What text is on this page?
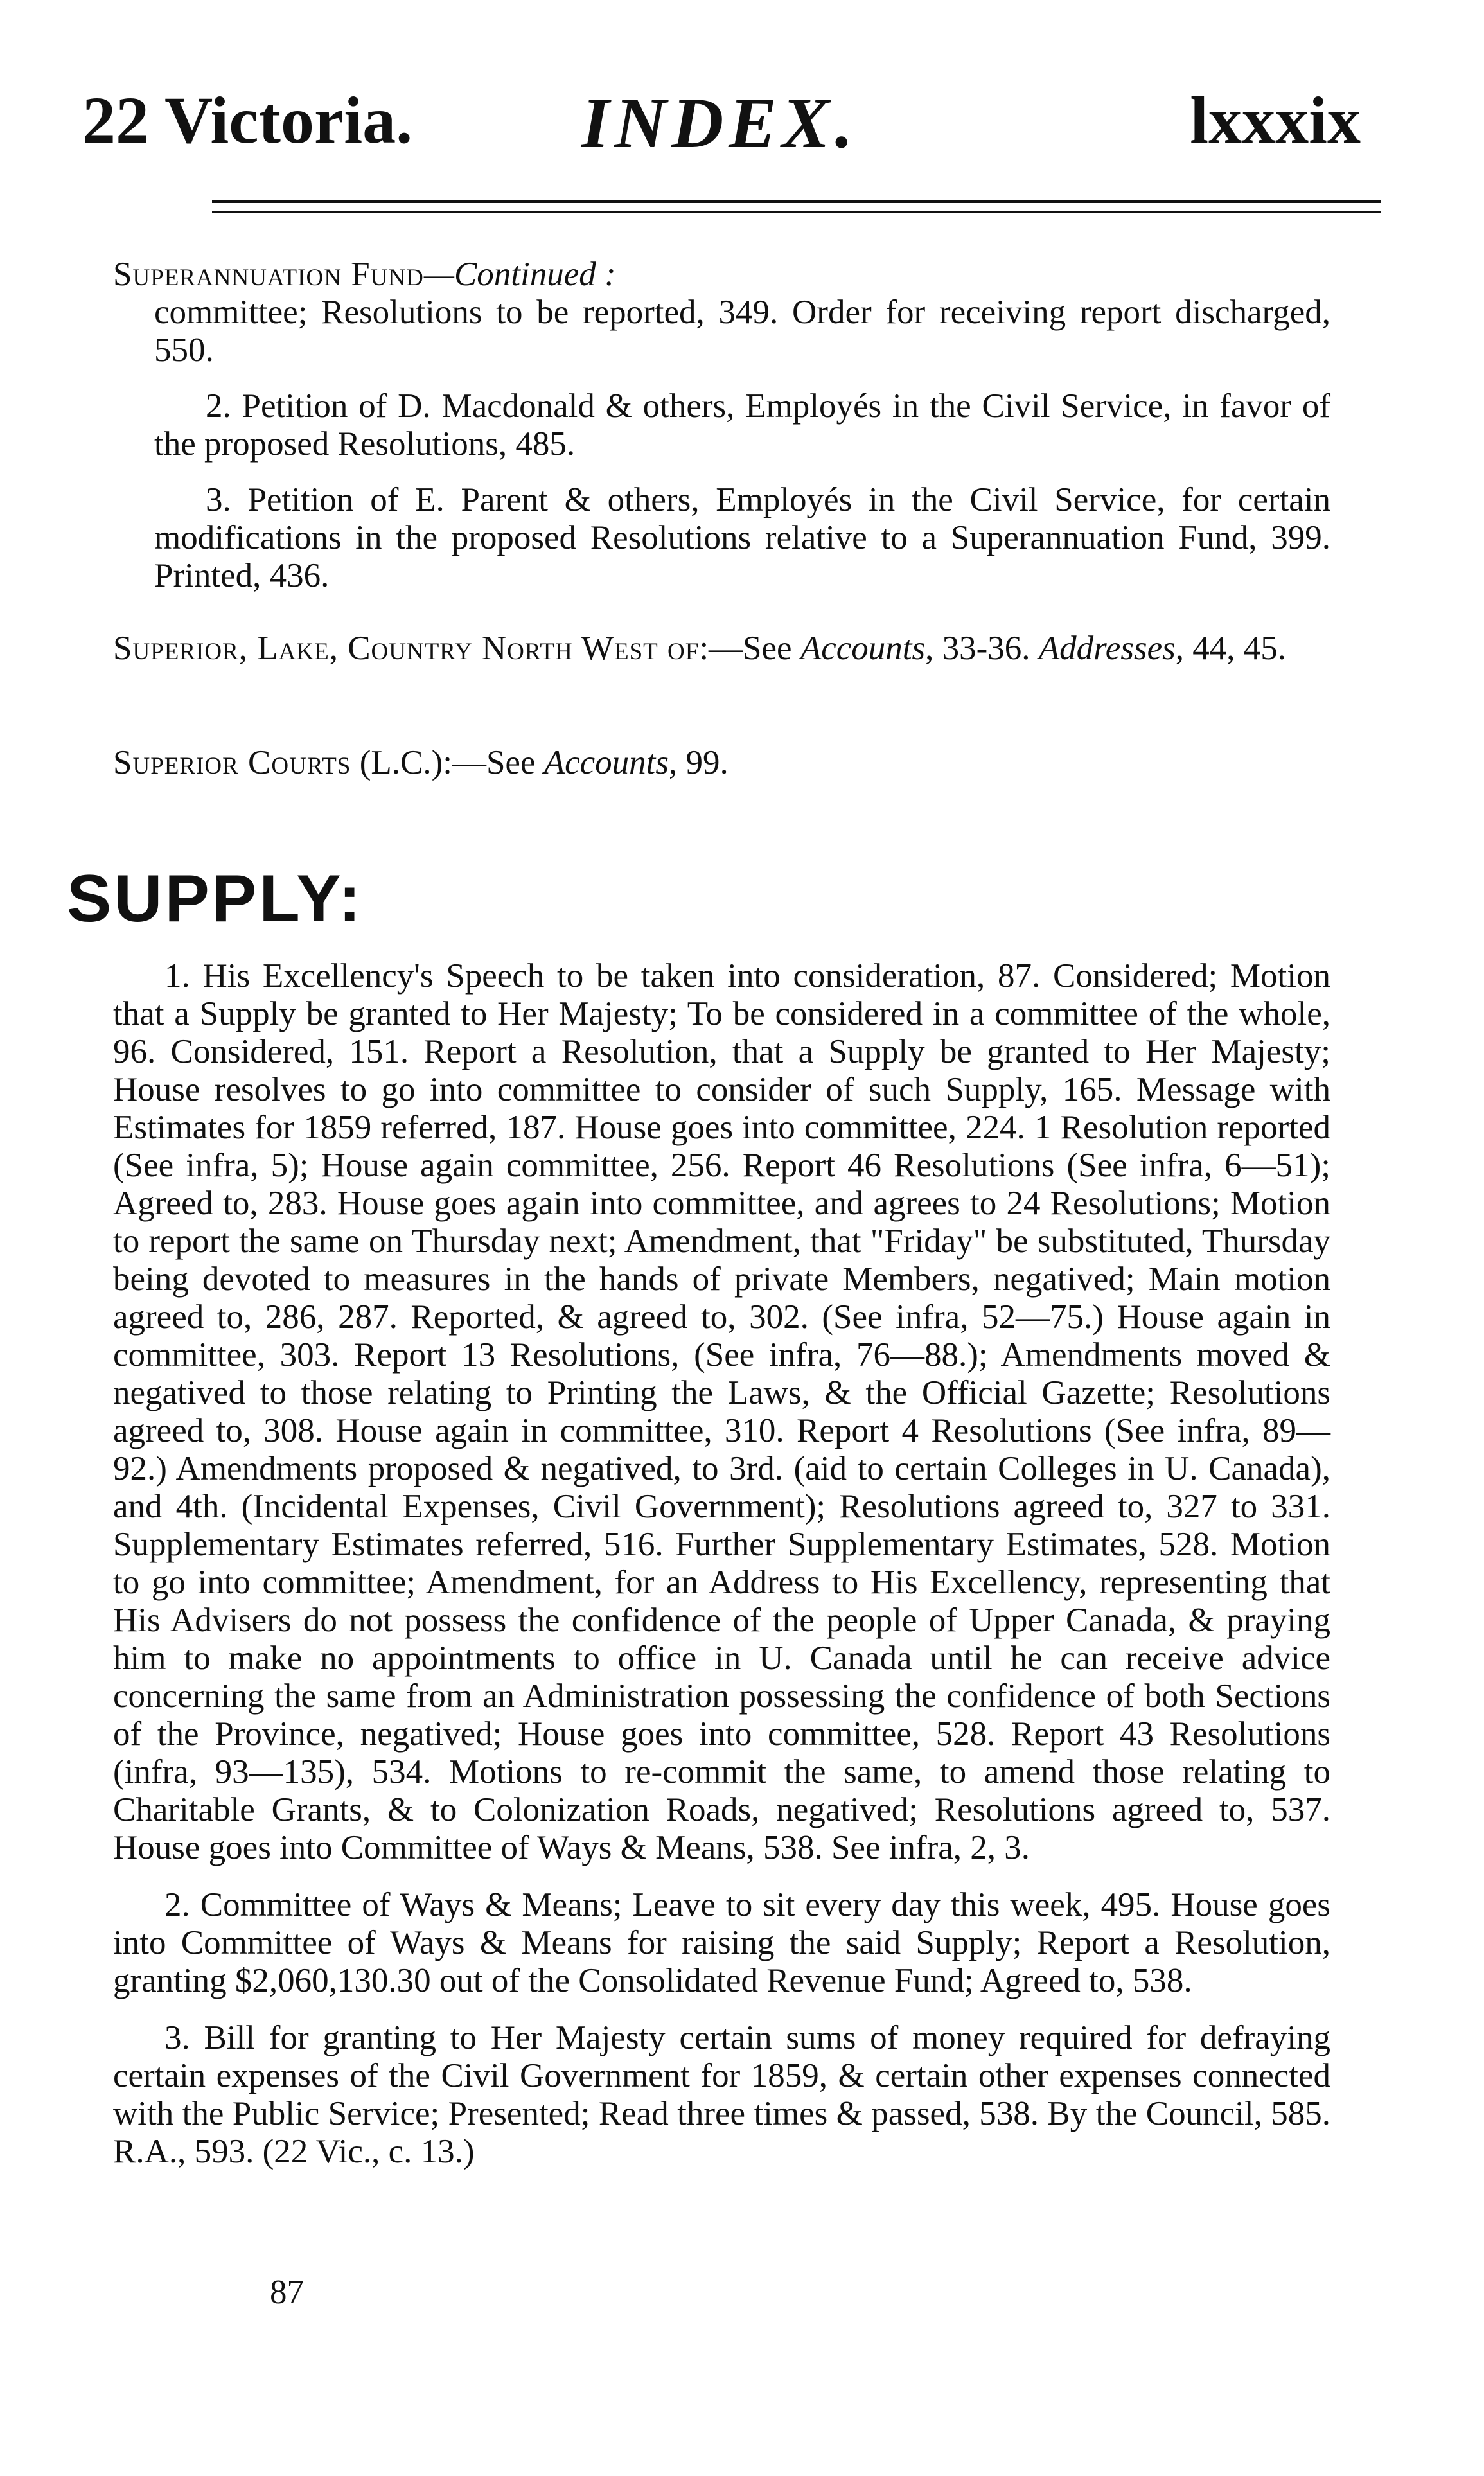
22 Victoria. INDEX.	lxxxix

Superannuation Fund—Continued :

committee; Resolutions to be reported, 349. Order for receiving report discharged, 550.

2. Petition of D. Macdonald & others, Employés in the Civil Service, in favor of the proposed Resolutions, 485.

3. Petition of E. Parent & others, Employés in the Civil Service, for certain modifications in the proposed Resolutions relative to a Superannuation Fund, 399. Printed, 436.

Superior, Lake, Country North West of:—See Accounts, 33-36. Addresses, 44, 45.

Superior Courts (L.C.):—See Accounts, 99.

SUPPLY:

1. His Excellency's Speech to be taken into consideration, 87. Considered; Motion that a Supply be granted to Her Majesty; To be considered in a committee of the whole, 96. Considered, 151. Report a Resolution, that a Supply be granted to Her Majesty; House resolves to go into committee to consider of such Supply, 165. Message with Estimates for 1859 referred, 187. House goes into committee, 224. 1 Resolution reported (See infra, 5); House again committee, 256. Report 46 Resolutions (See infra, 6—51); Agreed to, 283. House goes again into committee, and agrees to 24 Resolutions; Motion to report the same on Thursday next; Amendment, that "Friday" be substituted, Thursday being devoted to measures in the hands of private Members, negatived; Main motion agreed to, 286, 287. Reported, & agreed to, 302. (See infra, 52—75.) House again in committee, 303. Report 13 Resolutions, (See infra, 76—88.); Amendments moved & negatived to those relating to Printing the Laws, & the Official Gazette; Resolutions agreed to, 308. House again in committee, 310. Report 4 Resolutions (See infra, 89—92.) Amendments proposed & negatived, to 3rd. (aid to certain Colleges in U. Canada), and 4th. (Incidental Expenses, Civil Government); Resolutions agreed to, 327 to 331. Supplementary Estimates referred, 516. Further Supplementary Estimates, 528. Motion to go into committee; Amendment, for an Address to His Excellency, representing that His Advisers do not possess the confidence of the people of Upper Canada, & praying him to make no appointments to office in U. Canada until he can receive advice concerning the same from an Administration possessing the confidence of both Sections of the Province, negatived; House goes into committee, 528. Report 43 Resolutions (infra, 93—135), 534. Motions to re-commit the same, to amend those relating to Charitable Grants, & to Colonization Roads, negatived; Resolutions agreed to, 537. House goes into Committee of Ways & Means, 538. See infra, 2, 3.

2. Committee of Ways & Means; Leave to sit every day this week, 495. House goes into Committee of Ways & Means for raising the said Supply; Report a Resolution, granting $2,060,130.30 out of the Consolidated Revenue Fund; Agreed to, 538.

3. Bill for granting to Her Majesty certain sums of money required for defraying certain expenses of the Civil Government for 1859, & certain other expenses connected with the Public Service; Presented; Read three times & passed, 538. By the Council, 585. R.A., 593. (22 Vic., c. 13.)

87
